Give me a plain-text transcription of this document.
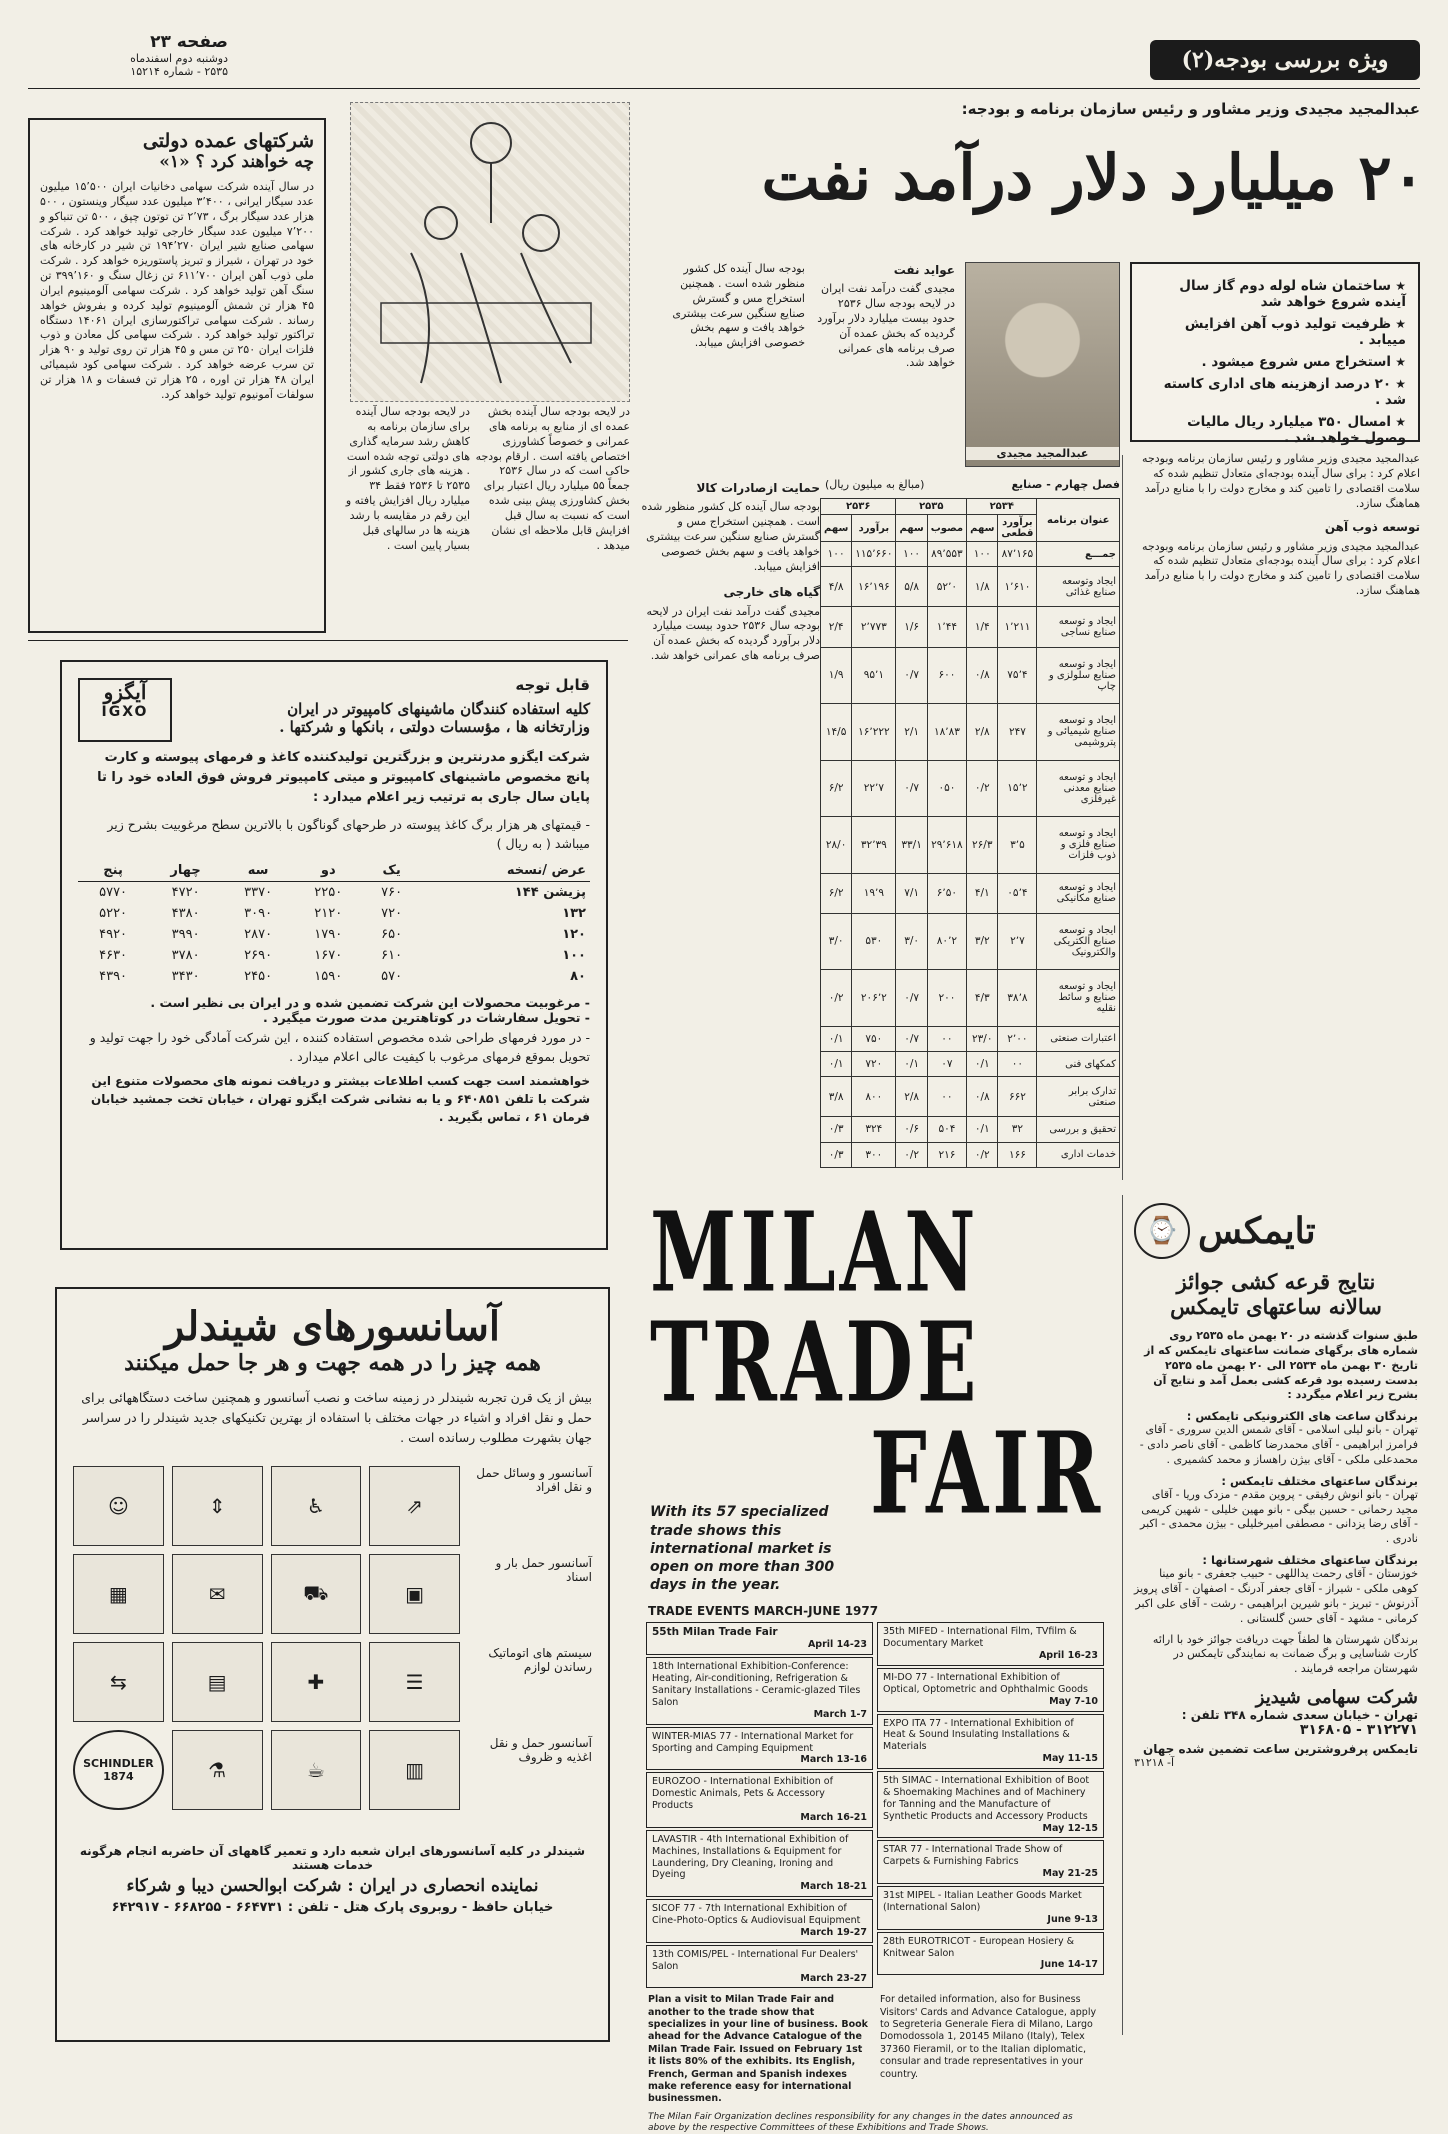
صفحه ۲۳
دوشنبه دوم اسفندماه
۲۵۳۵ - شماره ۱۵۲۱۴	ویژه بررسی بودجه(۲)
عبدالمجید مجیدی وزیر مشاور و رئیس سازمان برنامه و بودجه:
۲۰ میلیارد دلار درآمد نفت
★ ساختمان شاه لوله دوم گاز سال آینده شروع خواهد شد
★ ظرفیت تولید ذوب آهن افزایش مییابد .
★ استخراج مس شروع میشود .
★ ۲۰ درصد ازهزینه های اداری کاسته شد .
★ امسال ۳۵۰ میلیارد ریال مالیات وصول خواهد شد .
عبدالمجید مجیدی
عواید نفت
مجیدی گفت درآمد نفت ایران در لایحه بودجه سال ۲۵۳۶ حدود بیست میلیارد دلار برآورد گردیده که بخش عمده آن صرف برنامه های عمرانی خواهد شد.
بودجه سال آینده کل کشور منظور شده است . همچنین استخراج مس و گسترش صنایع سنگین سرعت بیشتری خواهد یافت و سهم بخش خصوصی افزایش مییابد.
عبدالمجید مجیدی وزیر مشاور و رئیس سازمان برنامه وبودجه اعلام کرد : برای سال آینده بودجه‌ای متعادل تنظیم شده که سلامت اقتصادی را تامین کند و مخارج دولت را با منابع درآمد هماهنگ سازد.
توسعه ذوب آهن
عبدالمجید مجیدی وزیر مشاور و رئیس سازمان برنامه وبودجه اعلام کرد : برای سال آینده بودجه‌ای متعادل تنظیم شده که سلامت اقتصادی را تامین کند و مخارج دولت را با منابع درآمد هماهنگ سازد.
حمایت ازصادرات کالا
بودجه سال آینده کل کشور منظور شده است . همچنین استخراج مس و گسترش صنایع سنگین سرعت بیشتری خواهد یافت و سهم بخش خصوصی افزایش مییابد.
گیاه های خارجی
مجیدی گفت درآمد نفت ایران در لایحه بودجه سال ۲۵۳۶ حدود بیست میلیارد دلار برآورد گردیده که بخش عمده آن صرف برنامه های عمرانی خواهد شد.
فصل چهارم - صنایع
(مبالغ به میلیون ریال)
عنوان برنامه	۲۵۳۴		۲۵۳۵		۲۵۳۶	
	برآورد قطعی	سهم	مصوب	سهم	برآورد	سهم
جمـــع	۸۷٬۱۶۵	۱۰۰	۸۹٬۵۵۳	۱۰۰	۱۱۵٬۶۶۰	۱۰۰
ایجاد وتوسعه صنایع غذائی	۱٬۶۱۰	۱/۸	۵۲٬۰	۵/۸	۱۶٬۱۹۶	۴/۸
ایجاد و توسعه صنایع نساجی	۱٬۲۱۱	۱/۴	۱٬۴۴	۱/۶	۲٬۷۷۳	۲/۴
ایجاد و توسعه صنایع سلولزی و چاپ	۷۵٬۴	۰/۸	۶۰۰	۰/۷	۹۵٬۱	۱/۹
ایجاد و توسعه صنایع شیمیائی و پتروشیمی	۲۴۷	۲/۸	۱۸٬۸۳	۲/۱	۱۶٬۲۲۲	۱۴/۵
ایجاد و توسعه صنایع معدنی غیرفلزی	۱۵٬۲	۰/۲	۰۵۰	۰/۷	۲۲٬۷	۶/۲
ایجاد و توسعه صنایع فلزی و ذوب فلزات	۳٬۵	۲۶/۳	۲۹٬۶۱۸	۳۳/۱	۳۲٬۳۹	۲۸/۰
ایجاد و توسعه صنایع مکانیکی	۰۵٬۴	۴/۱	۶٬۵۰	۷/۱	۱۹٬۹	۶/۲
ایجاد و توسعه صنایع الکتریکی والکترونیک	۲٬۷	۳/۲	۸۰٬۲	۳/۰	۵۳۰	۳/۰
ایجاد و توسعه صنایع و سائط نقلیه	۳۸٬۸	۴/۳	۲۰۰	۰/۷	۲۰۶٬۲	۰/۲
اعتبارات صنعتی	۲٬۰۰	۲۳/۰	۰۰	۰/۷	۷۵۰	۰/۱
کمکهای فنی	۰۰	۰/۱	۰۷	۰/۱	۷۲۰	۰/۱
تدارک برابر صنعتی	۶۶۲	۰/۸	۰۰	۲/۸	۸۰۰	۳/۸
تحقیق و بررسی	۳۲	۰/۱	۵۰۴	۰/۶	۳۲۴	۰/۳
خدمات اداری	۱۶۶	۰/۲	۲۱۶	۰/۲	۳۰۰	۰/۳
شرکتهای عمده دولتی
چه خواهند کرد ؟ «۱»
در سال آینده شرکت سهامی دخانیات ایران ۱۵٬۵۰۰ میلیون عدد سیگار ایرانی ، ۳٬۴۰۰ میلیون عدد سیگار وینستون ، ۵۰۰ هزار عدد سیگار برگ ، ۲٬۷۳ تن توتون چپق ، ۵۰۰ تن تنباکو و ۷٬۲۰۰ میلیون عدد سیگار خارجی تولید خواهد کرد . شرکت سهامی صنایع شیر ایران ۱۹۴٬۲۷۰ تن شیر در کارخانه های خود در تهران ، شیراز و تبریز پاستوریزه خواهد کرد . شرکت ملی ذوب آهن ایران ۶۱۱٬۷۰۰ تن زغال سنگ و ۳۹۹٬۱۶۰ تن سنگ آهن تولید خواهد کرد . شرکت سهامی آلومینیوم ایران ۴۵ هزار تن شمش آلومینیوم تولید کرده و بفروش خواهد رساند . شرکت سهامی تراکتورسازی ایران ۱۴۰۶۱ دستگاه تراکتور تولید خواهد کرد . شرکت سهامی کل معادن و ذوب فلزات ایران ۲۵۰ تن مس و ۴۵ هزار تن روی تولید و ۹۰ هزار تن سرب عرضه خواهد کرد . شرکت سهامی کود شیمیائی ایران ۴۸ هزار تن اوره ، ۲۵ هزار تن فسفات و ۱۸ هزار تن سولفات آمونیوم تولید خواهد کرد.
در لایحه بودجه سال آینده بخش عمده ای از منابع به برنامه های عمرانی و خصوصاً کشاورزی اختصاص یافته است . ارقام بودجه حاکی است که در سال ۲۵۳۶ جمعاً ۵۵ میلیارد ریال اعتبار برای بخش کشاورزی پیش بینی شده است که نسبت به سال قبل افزایش قابل ملاحظه ای نشان میدهد .
در لایحه بودجه سال آینده برای سازمان برنامه به کاهش رشد سرمایه گذاری های دولتی توجه شده است . هزینه های جاری کشور از ۲۵۳۵ تا ۲۵۳۶ فقط ۳۴ میلیارد ریال افزایش یافته و این رقم در مقایسه با رشد هزینه ها در سالهای قبل بسیار پایین است .
آیگزو
IGXO
قابل توجه
کلیه استفاده کنندگان ماشینهای کامپیوتر در ایران
وزارتخانه ها ، مؤسسات دولتی ، بانکها و شرکتها .
شرکت ایگزو مدرنترین و بزرگترین تولیدکننده کاغذ و فرمهای پیوسته و کارت پانچ مخصوص ماشینهای کامپیوتر و میتی کامپیوتر فروش فوق العاده خود را تا پایان سال جاری به ترتیب زیر اعلام میدارد :
- قیمتهای هر هزار برگ کاغذ پیوسته در طرحهای گوناگون با بالاترین سطح مرغوبیت بشرح زیر میباشد ( به ریال )
پنج	چهار	سه	دو	یک	عرض /نسخه
۵۷۷۰	۴۷۲۰	۳۳۷۰	۲۲۵۰	۷۶۰	۱۴۴ پزیشن
۵۲۲۰	۴۳۸۰	۳۰۹۰	۲۱۲۰	۷۲۰	۱۳۲
۴۹۲۰	۳۹۹۰	۲۸۷۰	۱۷۹۰	۶۵۰	۱۲۰
۴۶۳۰	۳۷۸۰	۲۶۹۰	۱۶۷۰	۶۱۰	۱۰۰
۴۳۹۰	۳۴۳۰	۲۴۵۰	۱۵۹۰	۵۷۰	۸۰
- مرغوبیت محصولات این شرکت تضمین شده و در ایران بی نظیر است .
- تحویل سفارشات در کوتاهترین مدت صورت میگیرد .
- در مورد فرمهای طراحی شده مخصوص استفاده کننده ، این شرکت آمادگی خود را جهت تولید و تحویل بموقع فرمهای مرغوب با کیفیت عالی اعلام میدارد .
خواهشمند است جهت کسب اطلاعات بیشتر و دریافت نمونه های محصولات متنوع این شرکت با تلفن ۶۴۰۸۵۱ و یا به نشانی شرکت ایگزو تهران ، خیابان تخت جمشید خیابان فرمان ۶۱ ، تماس بگیرید .
آسانسورهای شیندلر
همه چیز را در همه جهت و هر جا حمل میکنند
بیش از یک قرن تجربه شیندلر در زمینه ساخت و نصب آسانسور و همچنین ساخت دستگاههائی برای حمل و نقل افراد و اشیاء در جهات مختلف با استفاده از بهترین تکنیکهای جدید شیندلر را در سراسر جهان بشهرت مطلوب رسانده است .
آسانسور و وسائل حمل و نقل افراد
آسانسور حمل بار و اسناد
سیستم های اتوماتیک رساندن لوازم
آسانسور حمل و نقل اغذیه و ظروف
⇗
♿
⇕
☺
▣
⛟
✉
▦
☰
✚
▤
⇆
▥
☕
⚗
SCHINDLER
1874
شیندلر در کلیه آسانسورهای ایران شعبه دارد و تعمیر گاههای آن حاضربه انجام هرگونه خدمات هستند
نماینده انحصاری در ایران : شرکت ابوالحسن دیبا و شرکاء
خیابان حافظ - روبروی پارک هتل - تلفن : ۶۶۴۷۳۱ - ۶۶۸۲۵۵ - ۶۴۲۹۱۷
MILAN
TRADE
With its 57 specialized trade shows this international market is open on more than 300 days in the year.
FAIR
TRADE EVENTS MARCH-JUNE 1977
55th Milan Trade Fair
April 14-23
18th International Exhibition-Conference: Heating, Air-conditioning, Refrigeration & Sanitary Installations - Ceramic-glazed Tiles Salon
March 1-7
WINTER-MIAS 77 - International Market for Sporting and Camping Equipment
March 13-16
EUROZOO - International Exhibition of Domestic Animals, Pets & Accessory Products
March 16-21
LAVASTIR - 4th International Exhibition of Machines, Installations & Equipment for Laundering, Dry Cleaning, Ironing and Dyeing
March 18-21
SICOF 77 - 7th International Exhibition of Cine-Photo-Optics & Audiovisual Equipment
March 19-27
13th COMIS/PEL - International Fur Dealers' Salon
March 23-27
35th MIFED - International Film, TVfilm & Documentary Market
April 16-23
MI-DO 77 - International Exhibition of Optical, Optometric and Ophthalmic Goods
May 7-10
EXPO ITA 77 - International Exhibition of Heat & Sound Insulating Installations & Materials
May 11-15
5th SIMAC - International Exhibition of Boot & Shoemaking Machines and of Machinery for Tanning and the Manufacture of Synthetic Products and Accessory Products
May 12-15
STAR 77 - International Trade Show of Carpets & Furnishing Fabrics
May 21-25
31st MIPEL - Italian Leather Goods Market (International Salon)
June 9-13
28th EUROTRICOT - European Hosiery & Knitwear Salon
June 14-17
Plan a visit to Milan Trade Fair and another to the trade show that specializes in your line of business. Book ahead for the Advance Catalogue of the Milan Trade Fair. Issued on February 1st it lists 80% of the exhibits. Its English, French, German and Spanish indexes make reference easy for international businessmen.
For detailed information, also for Business Visitors' Cards and Advance Catalogue, apply to Segreteria Generale Fiera di Milano, Largo Domodossola 1, 20145 Milano (Italy), Telex 37360 Fieramil, or to the Italian diplomatic, consular and trade representatives in your country.
The Milan Fair Organization declines responsibility for any changes in the dates announced as above by the respective Committees of these Exhibitions and Trade Shows.
تایمکس
⌚
نتایج قرعه کشی جوائز
سالانه ساعتهای تایمکس
طبق سنوات گذشته در ۲۰ بهمن ماه ۲۵۳۵ روی شماره های برگهای ضمانت ساعتهای تایمکس که از تاریخ ۳۰ بهمن ماه ۲۵۳۴ الی ۲۰ بهمن ماه ۲۵۳۵ بدست رسیده بود قرعه کشی بعمل آمد و نتایج آن بشرح زیر اعلام میگردد :
برندگان ساعت های الکترونیکی تایمکس :
تهران - بانو لیلی اسلامی - آقای شمس الدین سروری - آقای فرامرز ابراهیمی - آقای محمدرضا کاظمی - آقای ناصر دادی - محمدعلی ملکی - آقای بیژن راهساز و محمد کشمیری .
برندگان ساعتهای مختلف تایمکس :
تهران - بانو انوش رفیقی - پروین مقدم - مزدک وریا - آقای مجید رحمانی - حسین بیگی - بانو مهین خلیلی - شهین کریمی - آقای رضا یزدانی - مصطفی امیرخلیلی - بیژن محمدی - اکبر نادری .
برندگان ساعتهای مختلف شهرستانها :
خوزستان - آقای رحمت یداللهی - حبیب جعفری - بانو مینا کوهی ملکی - شیراز - آقای جعفر آدرنگ - اصفهان - آقای پرویز آذرنوش - تبریز - بانو شیرین ابراهیمی - رشت - آقای علی اکبر کرمانی - مشهد - آقای حسن گلستانی .
برندگان شهرستان ها لطفاً جهت دریافت جوائز خود با ارائه کارت شناسایی و برگ ضمانت به نمایندگی تایمکس در شهرستان مراجعه فرمایند .
شرکت سهامی شیدیز
تهران - خیابان سعدی شماره ۳۴۸ تلفن :
۳۱۲۲۷۱ - ۳۱۶۸۰۵
تایمکس پرفروشترین ساعت تضمین شده جهان
آ- ۳۱۲۱۸
